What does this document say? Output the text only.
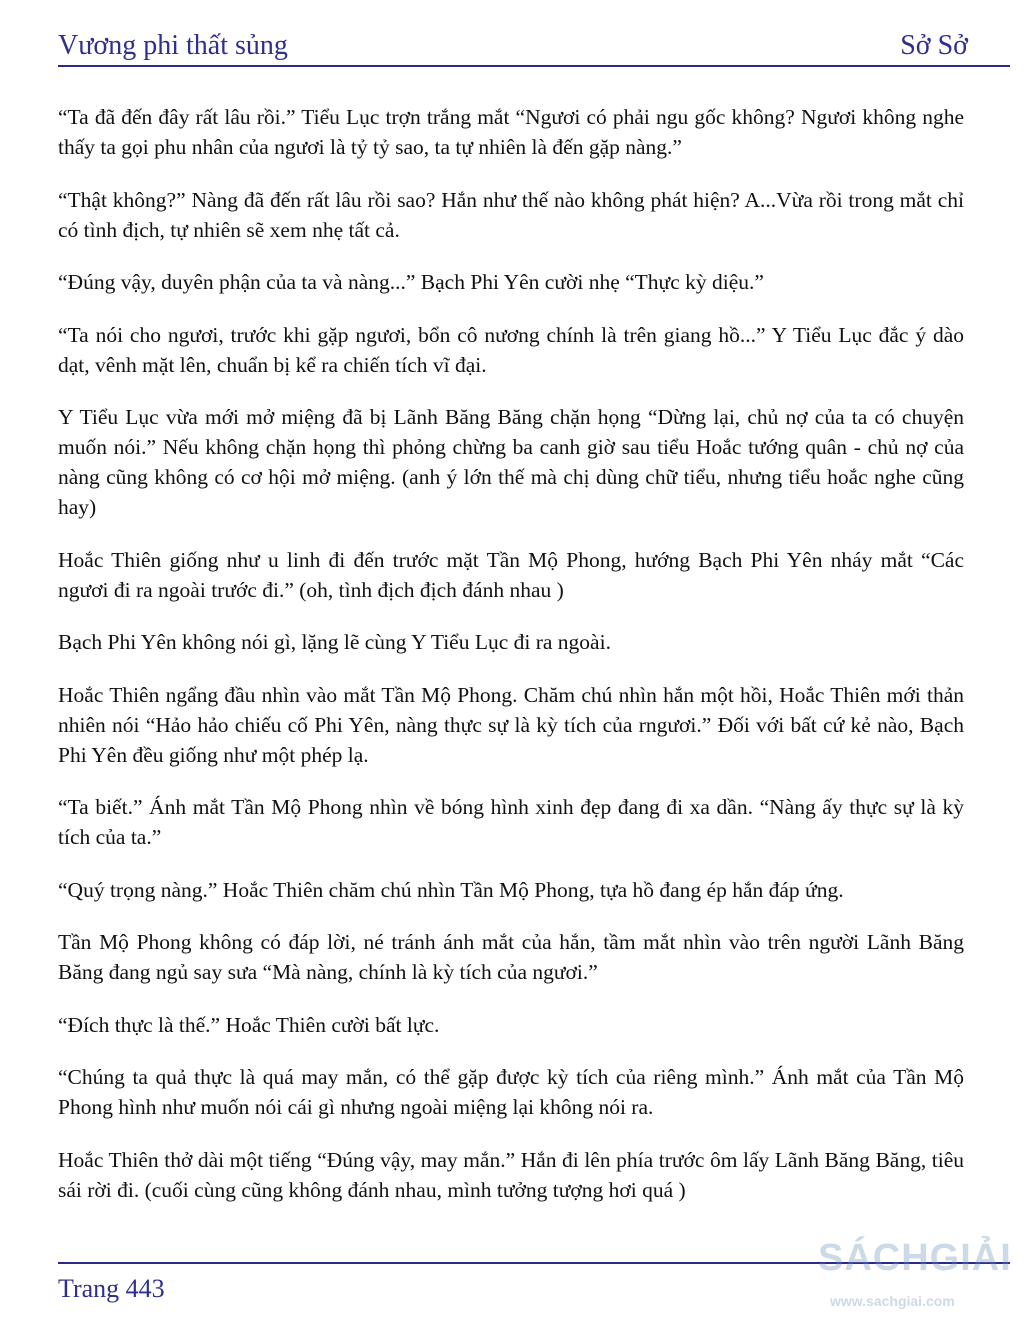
Vương phi thất sủng	Sở Sở

“Ta đã đến đây rất lâu rồi.” Tiểu Lục trợn trắng mắt “Ngươi có phải ngu gốc không? Ngươi không nghe thấy ta gọi phu nhân của ngươi là tỷ tỷ sao, ta tự nhiên là đến gặp nàng.”

“Thật không?” Nàng đã đến rất lâu rồi sao? Hắn như thế nào không phát hiện? A...Vừa rồi trong mắt chỉ có tình địch, tự nhiên sẽ xem nhẹ tất cả.

“Đúng vậy, duyên phận của ta và nàng...” Bạch Phi Yên cười nhẹ “Thực kỳ diệu.”

“Ta nói cho ngươi, trước khi gặp ngươi, bổn cô nương chính là trên giang hồ...” Y Tiểu Lục đắc ý dào dạt, vênh mặt lên, chuẩn bị kể ra chiến tích vĩ đại.

Y Tiểu Lục vừa mới mở miệng đã bị Lãnh Băng Băng chặn họng “Dừng lại, chủ nợ của ta có chuyện muốn nói.” Nếu không chặn họng thì phỏng chừng ba canh giờ sau tiểu Hoắc tướng quân - chủ nợ của nàng cũng không có cơ hội mở miệng. (anh ý lớn thế mà chị dùng chữ tiểu, nhưng tiểu hoắc nghe cũng hay)

Hoắc Thiên giống như u linh đi đến trước mặt Tần Mộ Phong, hướng Bạch Phi Yên nháy mắt “Các ngươi đi ra ngoài trước đi.” (oh, tình địch địch đánh nhau )

Bạch Phi Yên không nói gì, lặng lẽ cùng Y Tiểu Lục đi ra ngoài.

Hoắc Thiên ngẩng đầu nhìn vào mắt Tần Mộ Phong. Chăm chú nhìn hắn một hồi, Hoắc Thiên mới thản nhiên nói “Hảo hảo chiếu cố Phi Yên, nàng thực sự là kỳ tích của rngươi.” Đối với bất cứ kẻ nào, Bạch Phi Yên đều giống như một phép lạ.

“Ta biết.” Ánh mắt Tần Mộ Phong nhìn về bóng hình xinh đẹp đang đi xa dần. “Nàng ấy thực sự là kỳ tích của ta.”

“Quý trọng nàng.” Hoắc Thiên chăm chú nhìn Tần Mộ Phong, tựa hồ đang ép hắn đáp ứng.

Tần Mộ Phong không có đáp lời, né tránh ánh mắt của hắn, tầm mắt nhìn vào trên người Lãnh Băng Băng đang ngủ say sưa “Mà nàng, chính là kỳ tích của ngươi.”

“Đích thực là thế.” Hoắc Thiên cười bất lực.

“Chúng ta quả thực là quá may mắn, có thể gặp được kỳ tích của riêng mình.” Ánh mắt của Tần Mộ Phong hình như muốn nói cái gì nhưng ngoài miệng lại không nói ra.

Hoắc Thiên thở dài một tiếng “Đúng vậy, may mắn.” Hắn đi lên phía trước ôm lấy Lãnh Băng Băng, tiêu sái rời đi. (cuối cùng cũng không đánh nhau, mình tưởng tượng hơi quá )

Trang 443
SÁCHGIẢI
www.sachgiai.com
